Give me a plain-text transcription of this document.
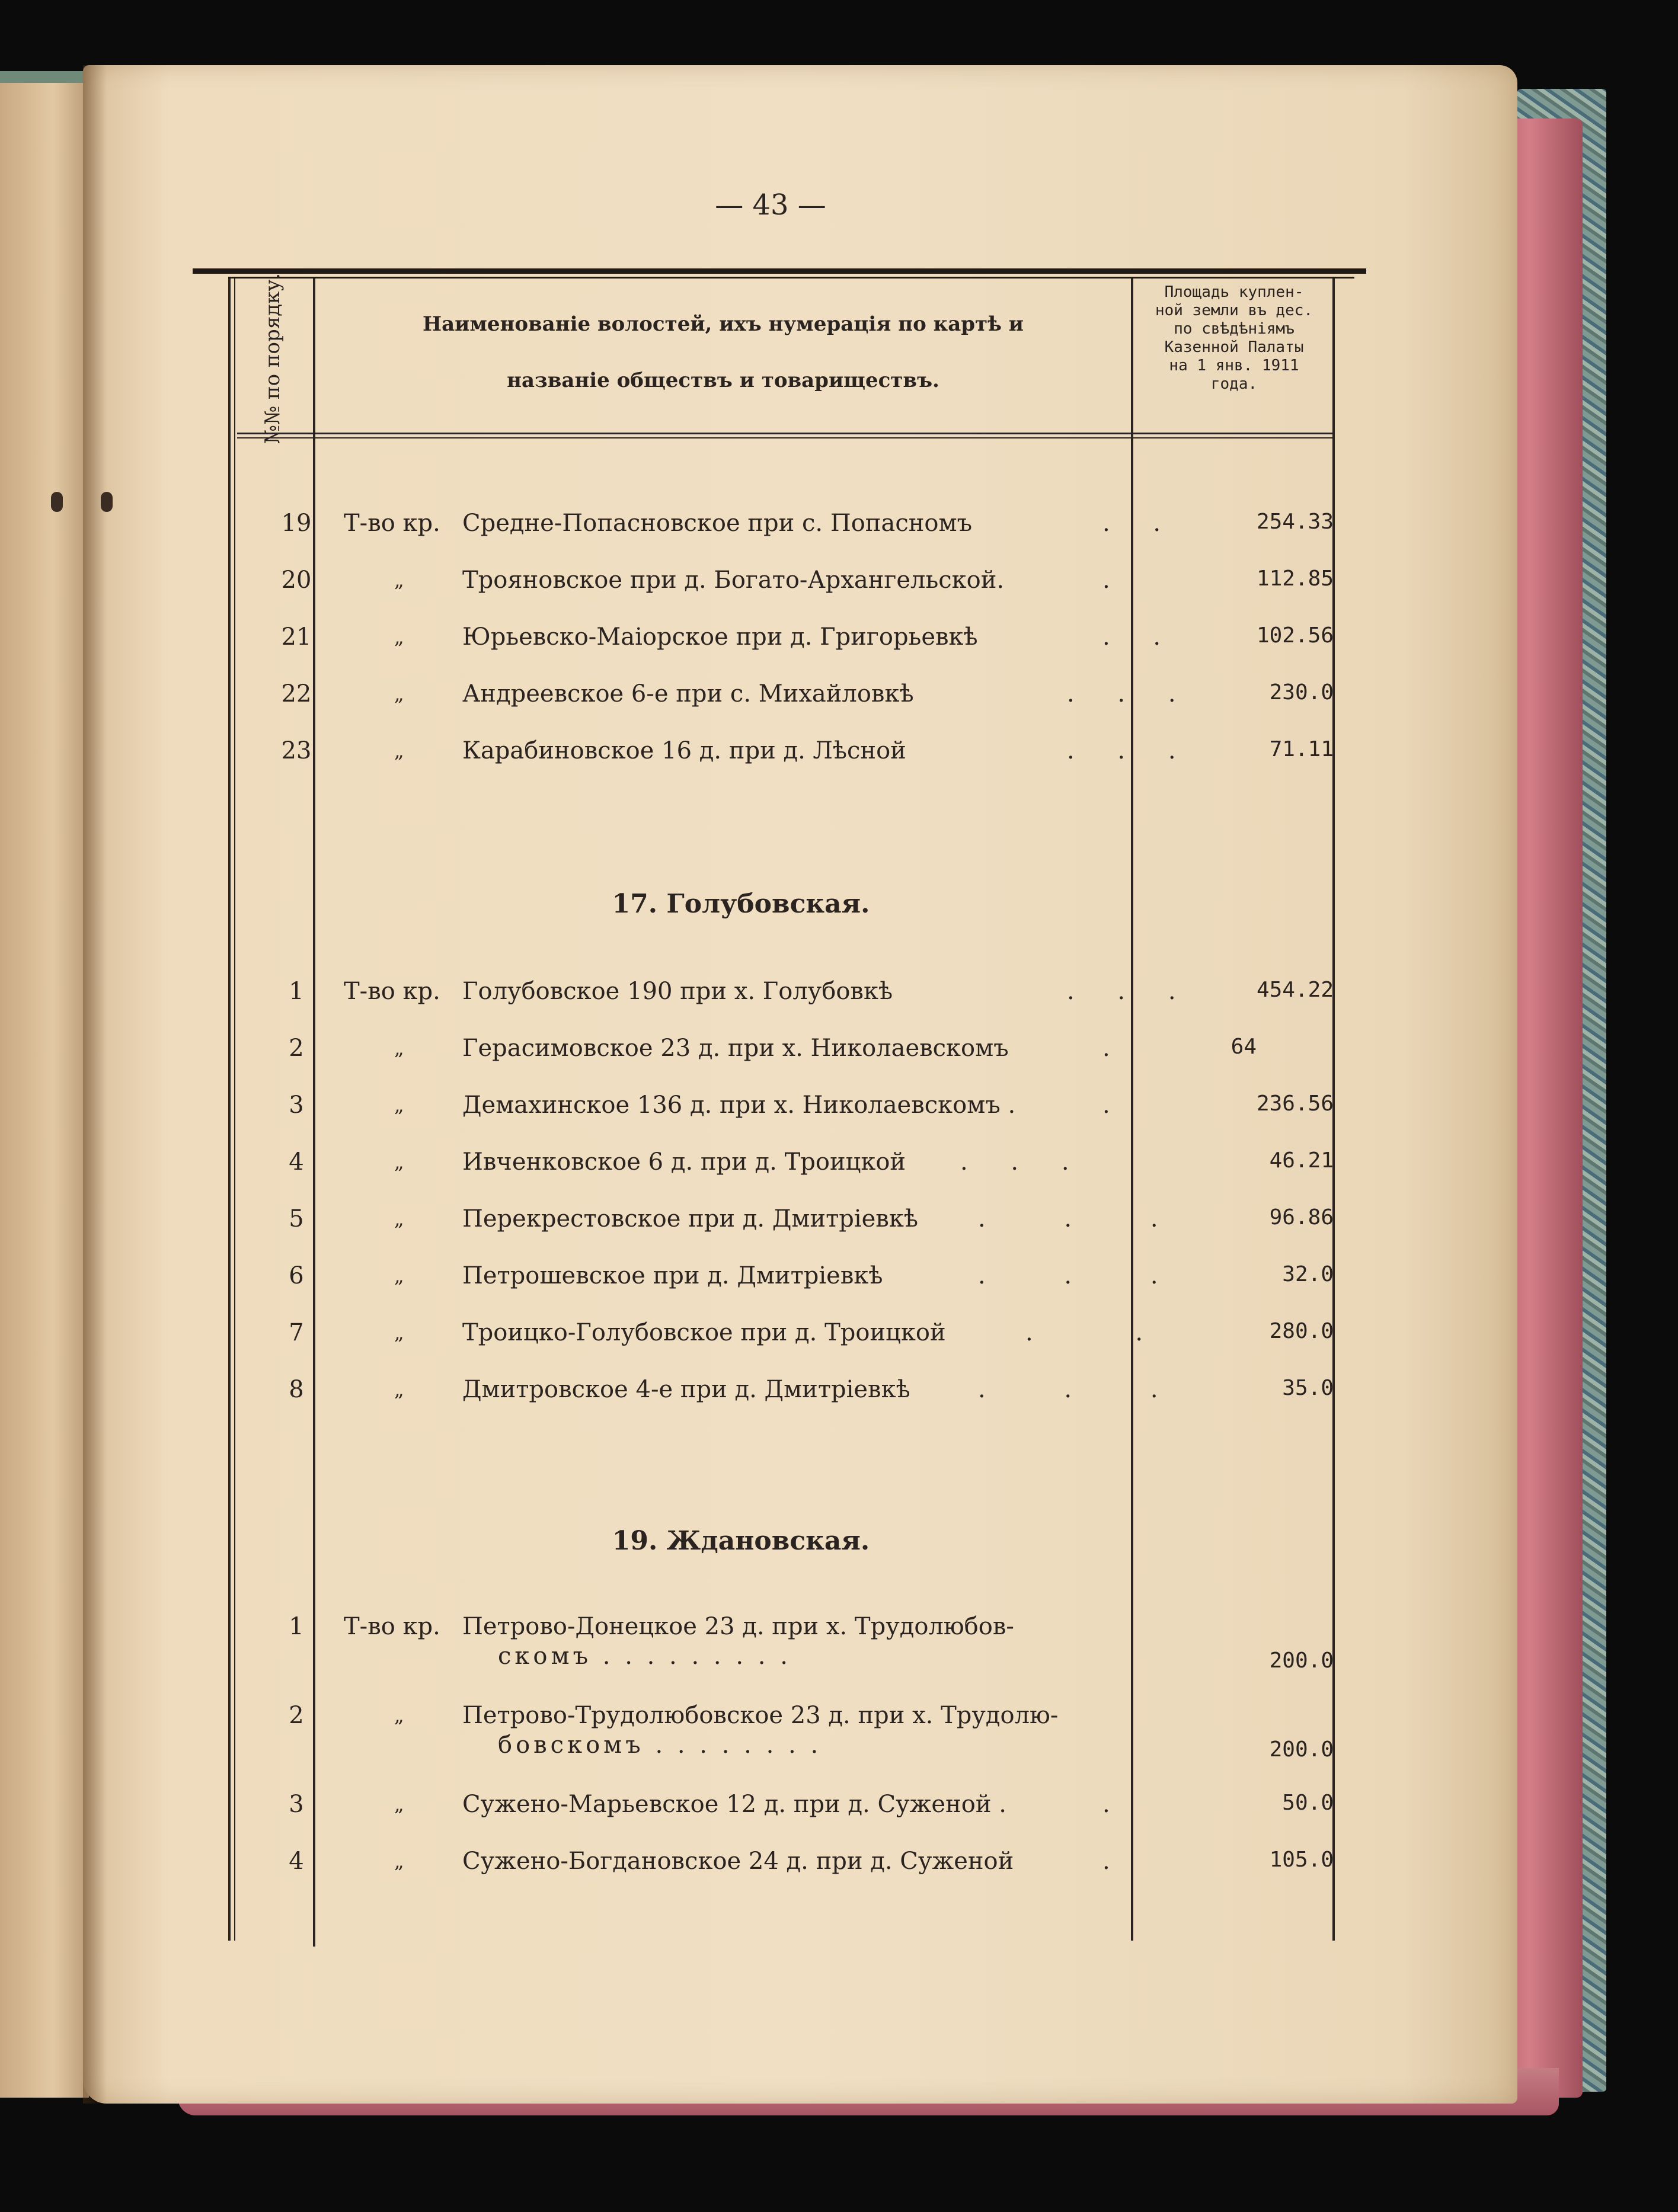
— 43 —
№№ по порядку.	Наименованіе волостей, ихъ нумерація по картѣ и
названіе обществъ и товариществъ.
Площадь куплен-
ной земли въ дес.
по свѣдѣніямъ
Казенной Палаты
на 1 янв. 1911
года.
19	Т-во кр. Средне-Попасновское при с. Попасномъ	. .	254.33
20	„ Трояновское при д. Богато-Архангельской.	.	112.85
21	„ Юрьевско-Маіорское при д. Григорьевкѣ	. .	102.56
22	„ Андреевское 6-е при с. Михайловкѣ	. . .	230.0
23	„ Карабиновское 16 д. при д. Лѣсной	. . .	71.11
17. Голубовская.
1	Т-во кр. Голубовское 190 при х. Голубовкѣ	. . .	454.22
2	„ Герасимовское 23 д. при х. Николаевскомъ	.	64
3	„ Демахинское 136 д. при х. Николаевскомъ .	.	236.56
4	„ Ивченковское 6 д. при д. Троицкой . . .	46.21
5	„ Перекрестовское при д. Дмитріевкѣ	. . .	96.86
6	„ Петрошевское при д. Дмитріевкѣ	. . .	32.0
7	„ Троицко-Голубовское при д. Троицкой	. .	280.0
8	„ Дмитровское 4-е при д. Дмитріевкѣ	. . .	35.0
19. Ждановская.
1	Т-во кр. Петрово-Донецкое 23 д. при х. Трудолюбов-
скомъ . . . . . . . . .	200.0
2	„ Петрово-Трудолюбовское 23 д. при х. Трудолю-
бовскомъ . . . . . . . .	200.0
3	„ Сужено-Марьевское 12 д. при д. Суженой .	.	50.0
4	„ Сужено-Богдановское 24 д. при д. Суженой	.	105.0
